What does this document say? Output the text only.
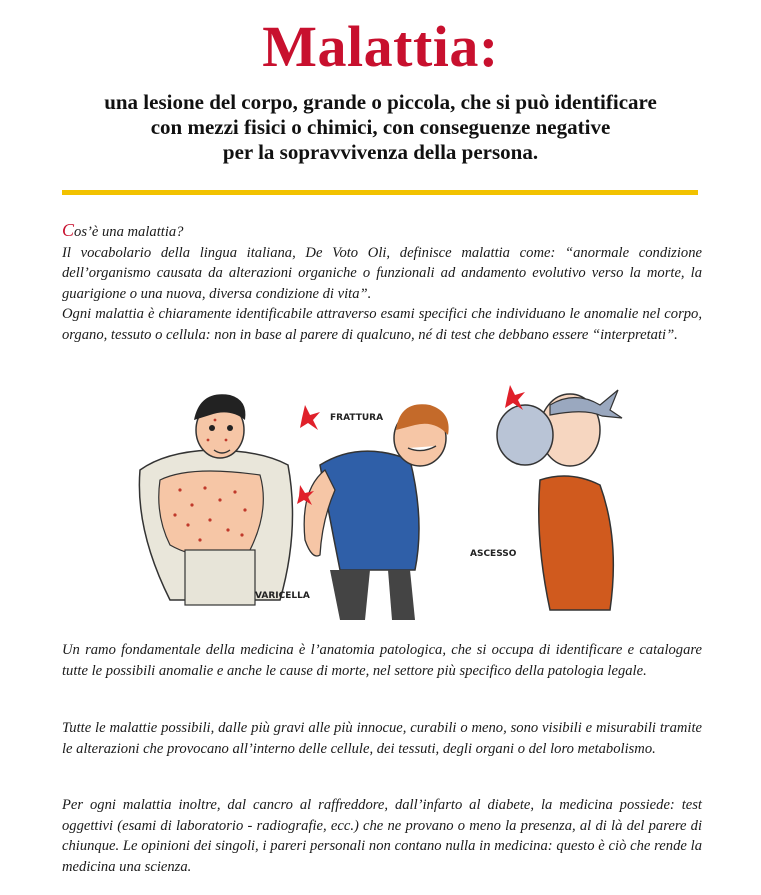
Malattia:
una lesione del corpo, grande o piccola, che si può identificare
con mezzi fisici o chimici, con conseguenze negative
per la sopravvivenza della persona.

Cos’è una malattia?

Il vocabolario della lingua italiana, De Voto Oli, definisce malattia come: “anormale condizione dell’organismo causata da alterazioni organiche o funzionali ad andamento evolutivo verso la morte, la guarigione o una nuova, diversa condizione di vita”.

Ogni malattia è chiaramente identificabile attraverso esami specifici che individuano le anomalie nel corpo, organo, tessuto o cellula: non in base al parere di qualcuno, né di test che debbano essere “interpretati”.

VARICELLA
FRATTURA
ASCESSO

Un ramo fondamentale della medicina è l’anatomia patologica, che si occupa di identificare e catalogare tutte le possibili anomalie e anche le cause di morte, nel settore più specifico della patologia legale.

Tutte le malattie possibili, dalle più gravi alle più innocue, curabili o meno, sono visibili e misurabili tramite le alterazioni che provocano all’interno delle cellule, dei tessuti, degli organi o del loro metabolismo.

Per ogni malattia inoltre, dal cancro al raffreddore, dall’infarto al diabete, la medicina possiede: test oggettivi (esami di laboratorio - radiografie, ecc.) che ne provano o meno la presenza, al di là del parere di chiunque. Le opinioni dei singoli, i pareri personali non contano nulla in medicina: questo è ciò che rende la medicina una scienza.
